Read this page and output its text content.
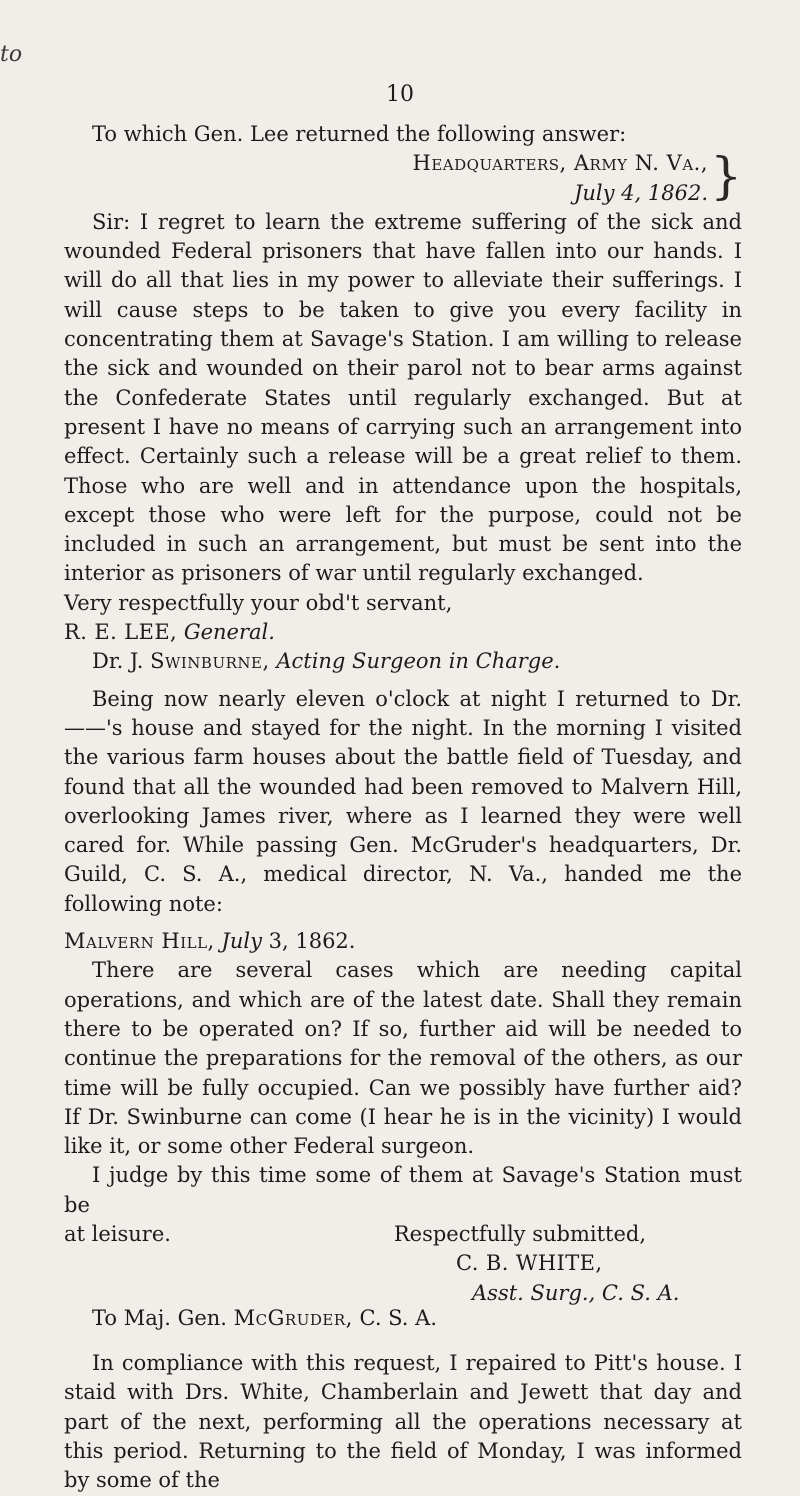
to
10

To which Gen. Lee returned the following answer:

Headquarters, Army N. Va.,
July 4, 1862. }

Sir: I regret to learn the extreme suffering of the sick and wounded Federal prisoners that have fallen into our hands. I will do all that lies in my power to alleviate their sufferings. I will cause steps to be taken to give you every facility in concentrating them at Savage's Station. I am willing to release the sick and wounded on their parol not to bear arms against the Confederate States until regularly exchanged. But at present I have no means of carrying such an arrangement into effect. Certainly such a release will be a great relief to them. Those who are well and in attendance upon the hospitals, except those who were left for the purpose, could not be included in such an arrangement, but must be sent into the interior as prisoners of war until regularly exchanged.

Very respectfully your obd't servant,

R. E. LEE, General.

Dr. J. Swinburne, Acting Surgeon in Charge.

Being now nearly eleven o'clock at night I returned to Dr. ——'s house and stayed for the night. In the morning I visited the various farm houses about the battle field of Tuesday, and found that all the wounded had been removed to Malvern Hill, overlooking James river, where as I learned they were well cared for. While passing Gen. McGruder's headquarters, Dr. Guild, C. S. A., medical director, N. Va., handed me the following note:

Malvern Hill, July 3, 1862.

There are several cases which are needing capital operations, and which are of the latest date. Shall they remain there to be operated on? If so, further aid will be needed to continue the preparations for the removal of the others, as our time will be fully occupied. Can we possibly have further aid? If Dr. Swinburne can come (I hear he is in the vicinity) I would like it, or some other Federal surgeon.

I judge by this time some of them at Savage's Station must be

at leisure.	Respectfully submitted,

C. B. WHITE,

Asst. Surg., C. S. A.

To Maj. Gen. McGruder, C. S. A.

In compliance with this request, I repaired to Pitt's house. I staid with Drs. White, Chamberlain and Jewett that day and part of the next, performing all the operations necessary at this period. Returning to the field of Monday, I was informed by some of the
